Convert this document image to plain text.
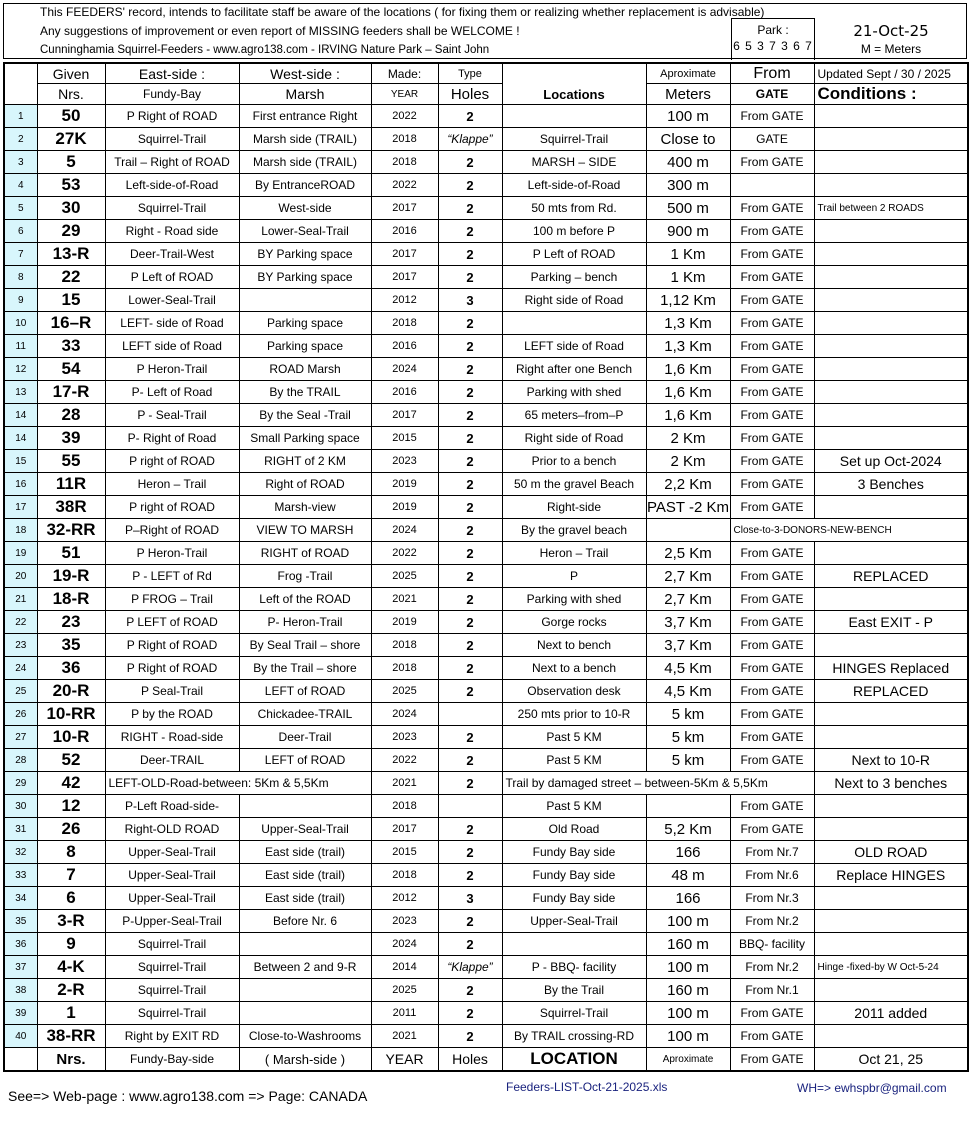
This FEEDERS' record, intends to facilitate staff be aware of the locations ( for fixing them or realizing whether replacement is advisable)
Any suggestions of improvement or even report of MISSING feeders shall be WELCOME !
Cunninghamia Squirrel-Feeders - www.agro138.com - IRVING Nature Park – Saint John
Park :
6 5 3 7 3 6 7
21-Oct-25
M = Meters
	Given	East-side :	West-side :	Made:	Type	Locations	Aproximate	From	Updated Sept / 30 / 2025
	Nrs.	Fundy-Bay	Marsh	YEAR	Holes		Meters	GATE	Conditions :
1	50	P Right of ROAD	First entrance Right	2022	2		100 m	From GATE	
2	27K	Squirrel-Trail	Marsh side (TRAIL)	2018	“Klappe”	Squirrel-Trail	Close to	GATE	
3	5	Trail – Right of ROAD	Marsh side (TRAIL)	2018	2	MARSH – SIDE	400 m	From GATE	
4	53	Left-side-of-Road	By EntranceROAD	2022	2	Left-side-of-Road	300 m		
5	30	Squirrel-Trail	West-side	2017	2	50 mts from Rd.	500 m	From GATE	Trail between 2 ROADS
6	29	Right - Road side	Lower-Seal-Trail	2016	2	100 m before P	900 m	From GATE	
7	13-R	Deer-Trail-West	BY Parking space	2017	2	P Left of ROAD	1 Km	From GATE	
8	22	P Left of ROAD	BY Parking space	2017	2	Parking – bench	1 Km	From GATE	
9	15	Lower-Seal-Trail		2012	3	Right side of Road	1,12 Km	From GATE	
10	16–R	LEFT- side of Road	Parking space	2018	2		1,3 Km	From GATE	
11	33	LEFT side of Road	Parking space	2016	2	LEFT side of Road	1,3 Km	From GATE	
12	54	P Heron-Trail	ROAD Marsh	2024	2	Right after one Bench	1,6 Km	From GATE	
13	17-R	P- Left of Road	By the TRAIL	2016	2	Parking with shed	1,6 Km	From GATE	
14	28	P - Seal-Trail	By the Seal -Trail	2017	2	65 meters–from–P	1,6 Km	From GATE	
14	39	P- Right of Road	Small Parking space	2015	2	Right side of Road	2 Km	From GATE	
15	55	P right of ROAD	RIGHT of 2 KM	2023	2	Prior to a bench	2 Km	From GATE	Set up Oct-2024
16	11R	Heron – Trail	Right of ROAD	2019	2	50 m the gravel Beach	2,2 Km	From GATE	3 Benches
17	38R	P right of ROAD	Marsh-view	2019	2	Right-side	PAST -2 Km	From GATE	
18	32-RR	P–Right of ROAD	VIEW TO MARSH	2024	2	By the gravel beach		Close-to-3-DONORS-NEW-BENCH	
19	51	P Heron-Trail	RIGHT of ROAD	2022	2	Heron – Trail	2,5 Km	From GATE	
20	19-R	P - LEFT of Rd	Frog -Trail	2025	2	P	2,7 Km	From GATE	REPLACED
21	18-R	P FROG – Trail	Left of the ROAD	2021	2	Parking with shed	2,7 Km	From GATE	
22	23	P LEFT of ROAD	P- Heron-Trail	2019	2	Gorge rocks	3,7 Km	From GATE	East EXIT - P
23	35	P Right of ROAD	By Seal Trail – shore	2018	2	Next to bench	3,7 Km	From GATE	
24	36	P Right of ROAD	By the Trail – shore	2018	2	Next to a bench	4,5 Km	From GATE	HINGES Replaced
25	20-R	P Seal-Trail	LEFT of ROAD	2025	2	Observation desk	4,5 Km	From GATE	REPLACED
26	10-RR	P by the ROAD	Chickadee-TRAIL	2024		250 mts prior to 10-R	5 km	From GATE	
27	10-R	RIGHT - Road-side	Deer-Trail	2023	2	Past 5 KM	5 km	From GATE	
28	52	Deer-TRAIL	LEFT of ROAD	2022	2	Past 5 KM	5 km	From GATE	Next to 10-R
29	42	LEFT-OLD-Road-between: 5Km & 5,5Km		2021	2	Trail by damaged street – between-5Km & 5,5Km			Next to 3 benches
30	12	P-Left Road-side-		2018		Past 5 KM		From GATE	
31	26	Right-OLD ROAD	Upper-Seal-Trail	2017	2	Old Road	5,2 Km	From GATE	
32	8	Upper-Seal-Trail	East side (trail)	2015	2	Fundy Bay side	166	From Nr.7	OLD ROAD
33	7	Upper-Seal-Trail	East side (trail)	2018	2	Fundy Bay side	48 m	From Nr.6	Replace HINGES
34	6	Upper-Seal-Trail	East side (trail)	2012	3	Fundy Bay side	166	From Nr.3	
35	3-R	P-Upper-Seal-Trail	Before Nr. 6	2023	2	Upper-Seal-Trail	100 m	From Nr.2	
36	9	Squirrel-Trail		2024	2		160 m	BBQ- facility	
37	4-K	Squirrel-Trail	Between 2 and 9-R	2014	“Klappe”	P - BBQ- facility	100 m	From Nr.2	Hinge -fixed-by W Oct-5-24
38	2-R	Squirrel-Trail		2025	2	By the Trail	160 m	From Nr.1	
39	1	Squirrel-Trail		2011	2	Squirrel-Trail	100 m	From GATE	2011 added
40	38-RR	Right by EXIT RD	Close-to-Washrooms	2021	2	By TRAIL crossing-RD	100 m	From GATE	
	Nrs.	Fundy-Bay-side	( Marsh-side )	YEAR	Holes	LOCATION	Aproximate	From GATE	Oct 21, 25
See=> Web-page : www.agro138.com => Page: CANADA
Feeders-LIST-Oct-21-2025.xls	WH=> ewhspbr@gmail.com
